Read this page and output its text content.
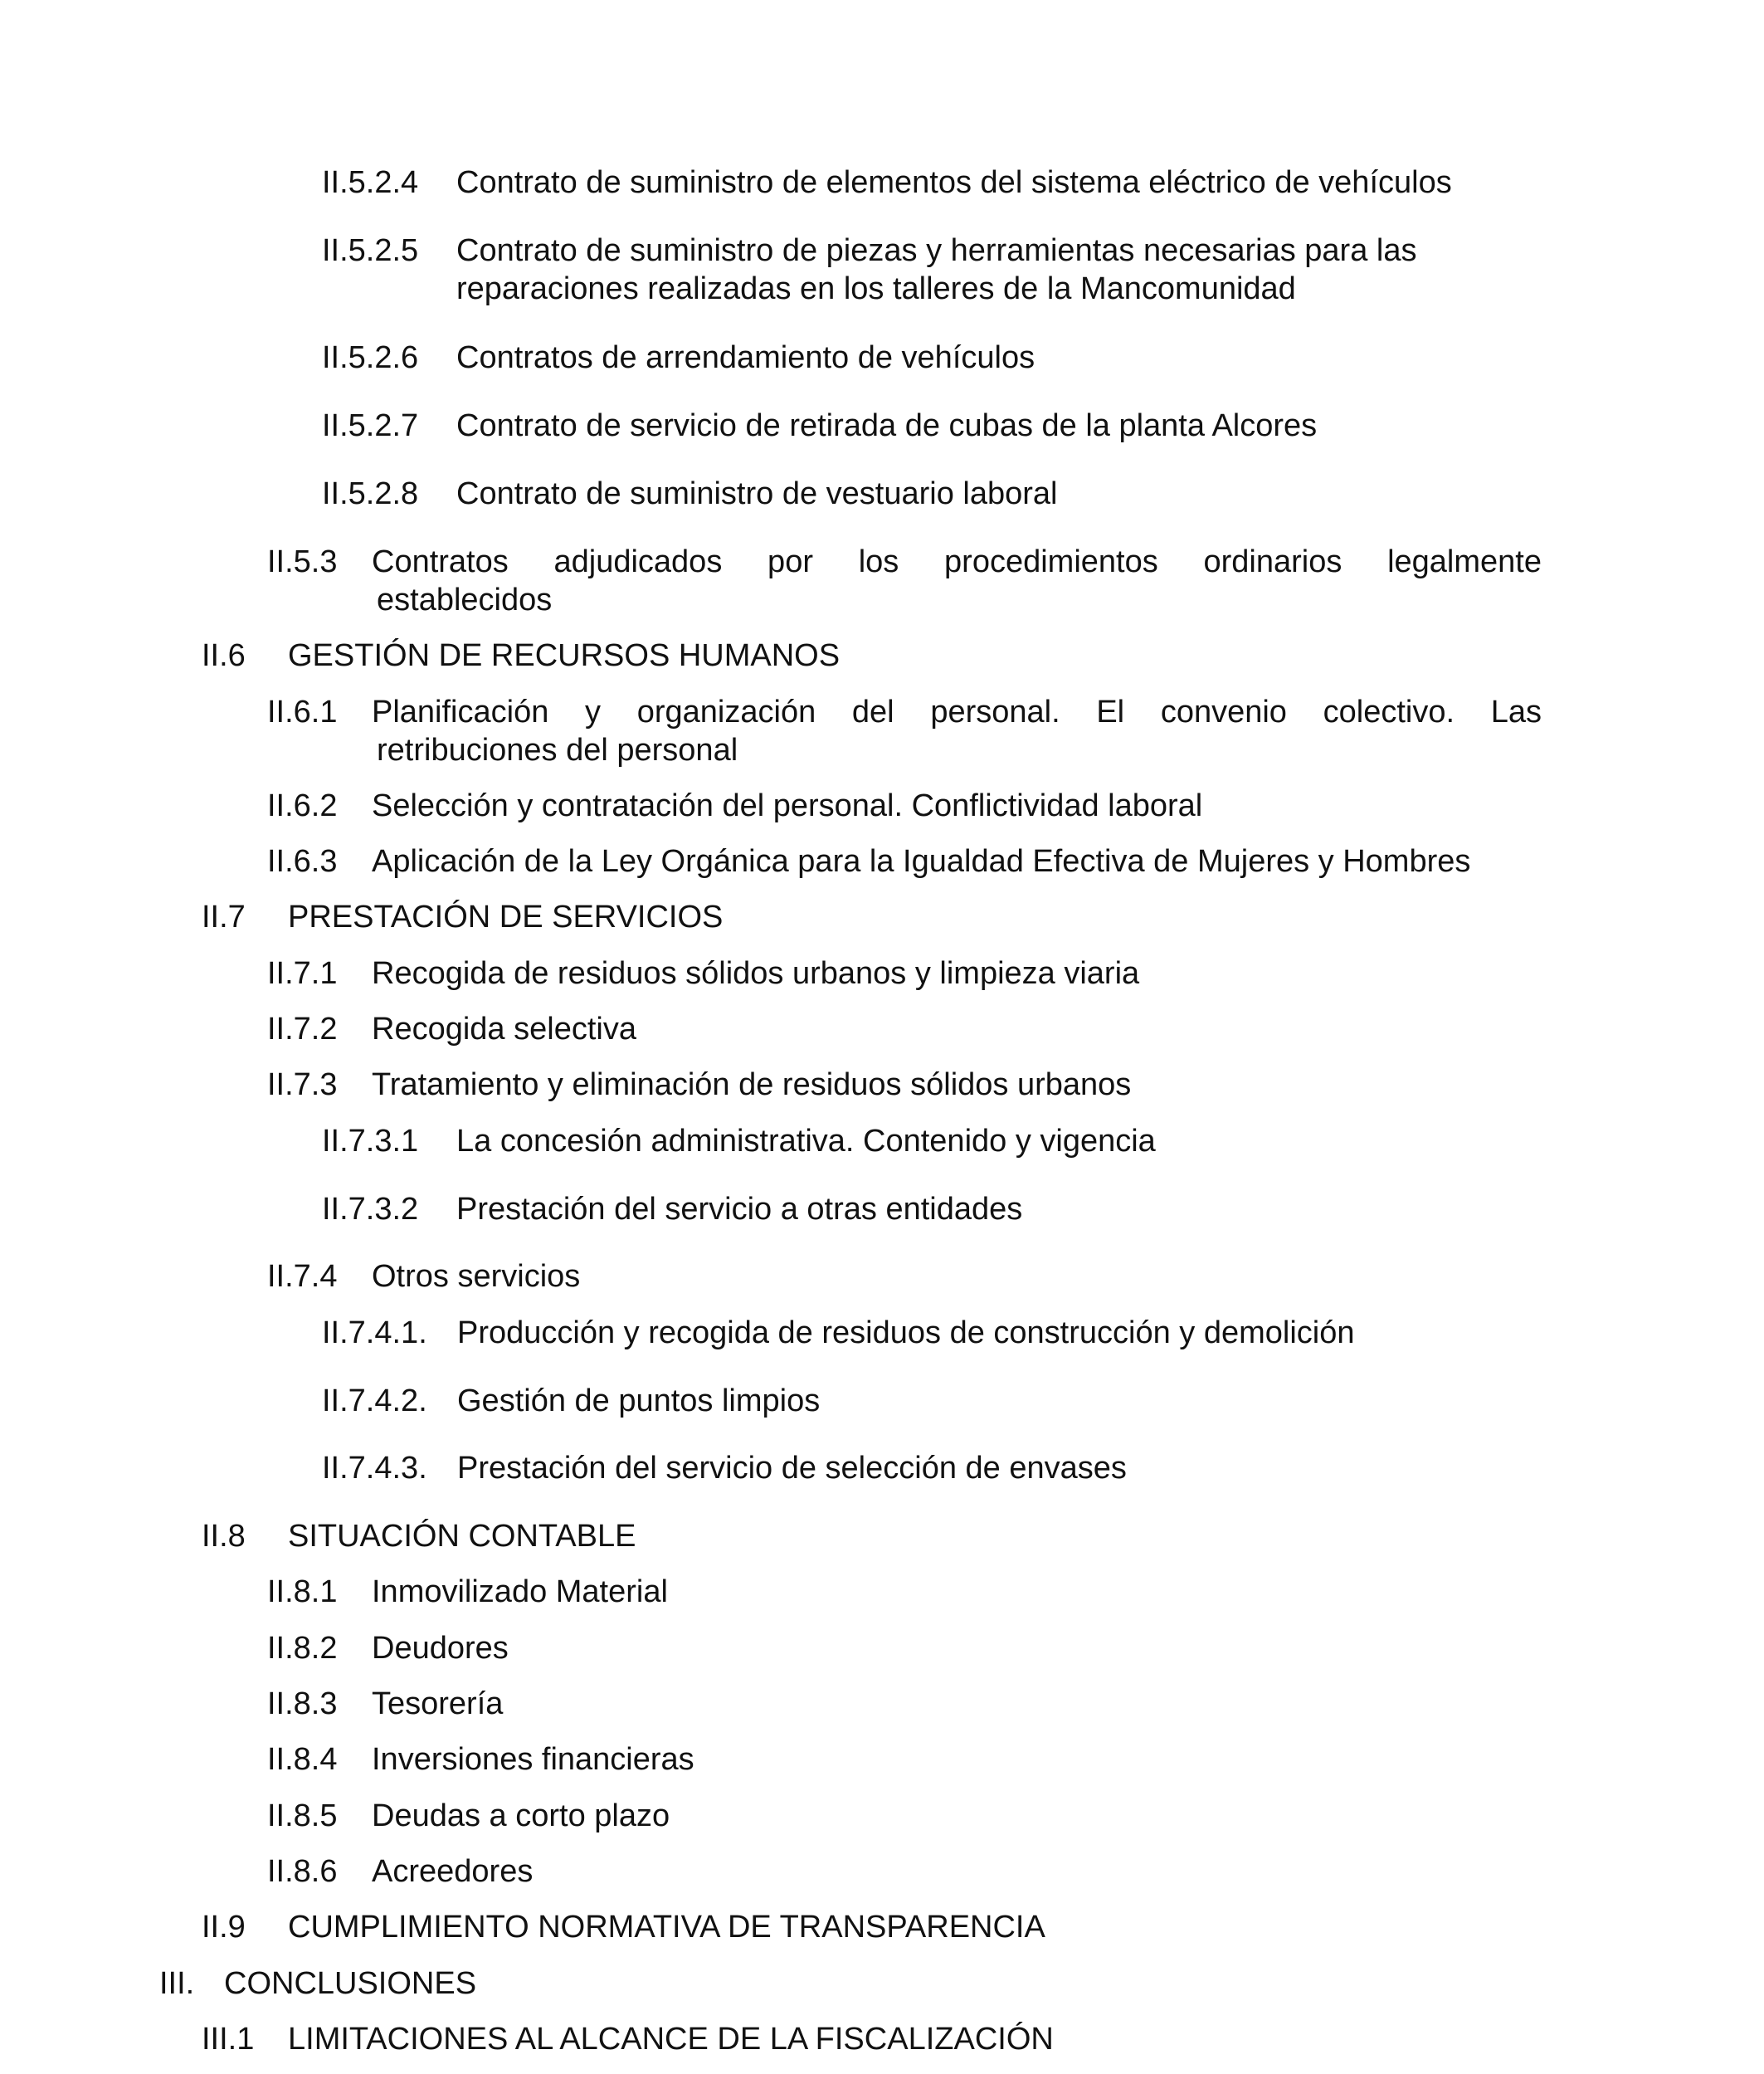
II.5.2.4 Contrato de suministro de elementos del sistema eléctrico de vehículos
II.5.2.5 Contrato de suministro de piezas y herramientas necesarias para las
reparaciones realizadas en los talleres de la Mancomunidad
II.5.2.6 Contratos de arrendamiento de vehículos
II.5.2.7 Contrato de servicio de retirada de cubas de la planta Alcores
II.5.2.8 Contrato de suministro de vestuario laboral
II.5.3 Contratos adjudicados por los procedimientos ordinarios legalmente
establecidos
II.6 GESTIÓN DE RECURSOS HUMANOS
II.6.1 Planificación y organización del personal. El convenio colectivo. Las
retribuciones del personal
II.6.2 Selección y contratación del personal. Conflictividad laboral
II.6.3 Aplicación de la Ley Orgánica para la Igualdad Efectiva de Mujeres y Hombres
II.7 PRESTACIÓN DE SERVICIOS
II.7.1 Recogida de residuos sólidos urbanos y limpieza viaria
II.7.2 Recogida selectiva
II.7.3 Tratamiento y eliminación de residuos sólidos urbanos
II.7.3.1 La concesión administrativa. Contenido y vigencia
II.7.3.2 Prestación del servicio a otras entidades
II.7.4 Otros servicios
II.7.4.1. Producción y recogida de residuos de construcción y demolición
II.7.4.2. Gestión de puntos limpios
II.7.4.3. Prestación del servicio de selección de envases
II.8 SITUACIÓN CONTABLE
II.8.1 Inmovilizado Material
II.8.2 Deudores
II.8.3 Tesorería
II.8.4 Inversiones financieras
II.8.5 Deudas a corto plazo
II.8.6 Acreedores
II.9 CUMPLIMIENTO NORMATIVA DE TRANSPARENCIA
III. CONCLUSIONES
III.1 LIMITACIONES AL ALCANCE DE LA FISCALIZACIÓN
